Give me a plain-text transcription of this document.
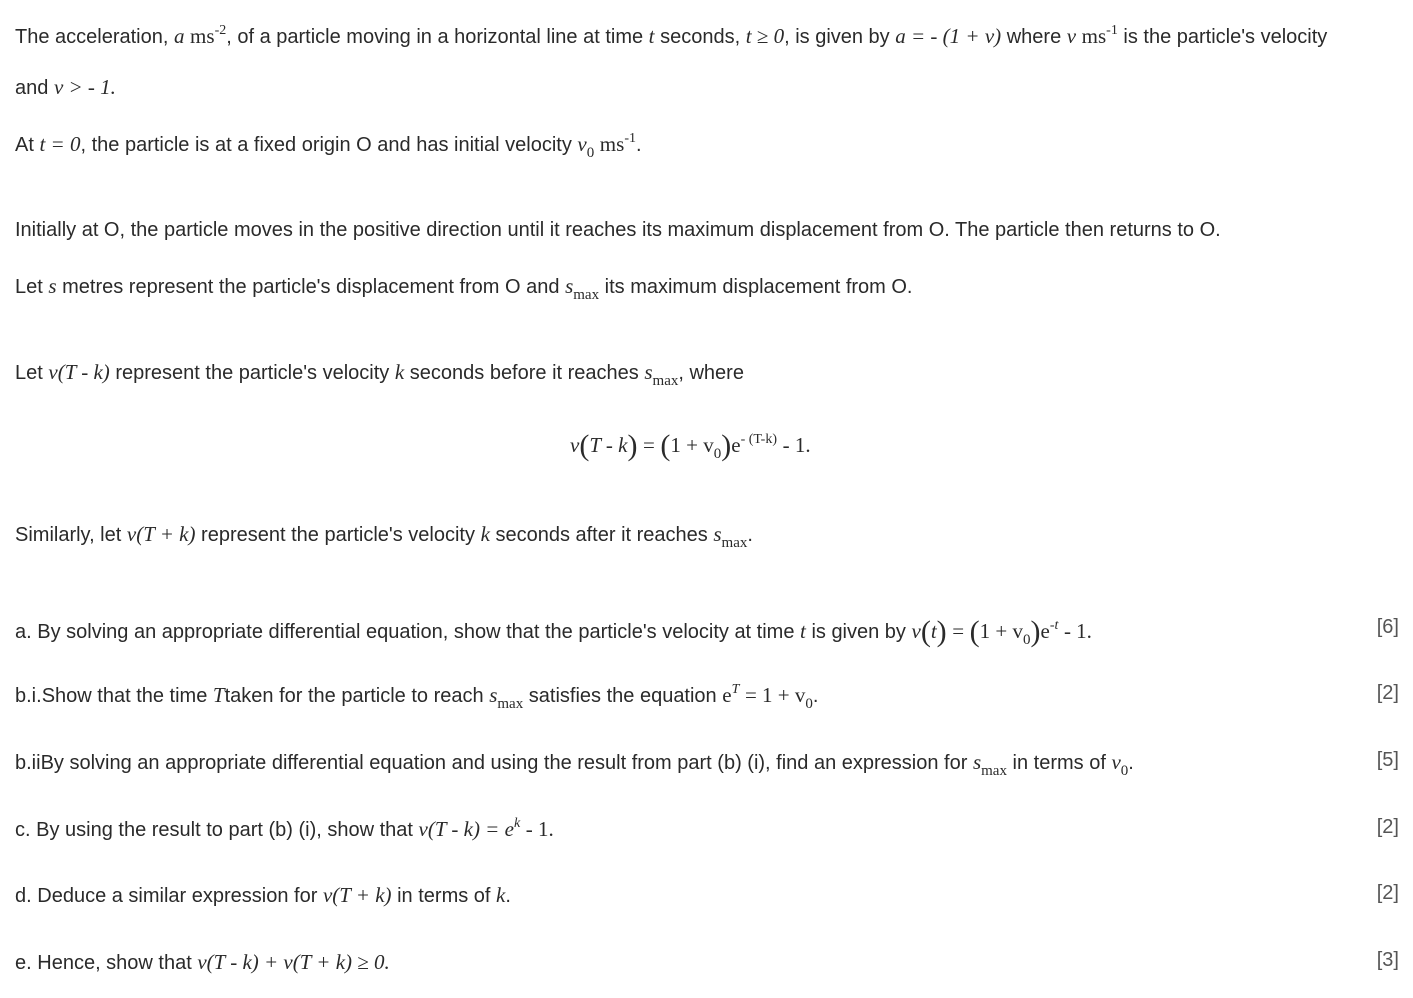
The acceleration, a $ms^{-2}$, of a particle moving in a horizontal line at time t seconds, t ≥ 0, is given by a = - (1 + v) where v $ms^{-1}$ is the particle's velocity
and v > - 1.
At t = 0, the particle is at a fixed origin O and has initial velocity $v_0$ $ms^{-1}$.
Initially at O, the particle moves in the positive direction until it reaches its maximum displacement from O. The particle then returns to O.
Let s metres represent the particle's displacement from O and $s_{max}$ its maximum displacement from O.
Let v(T - k) represent the particle's velocity k seconds before it reaches $s_{max}$, where
$v(T - k) = (1 + v_0)e^{- (T-k)} - 1$.
Similarly, let v(T + k) represent the particle's velocity k seconds after it reaches $s_{max}$.
a. By solving an appropriate differential equation, show that the particle's velocity at time t is given by $v(t) = (1 + v_0)e^{-t} - 1$.	[6]
b.i.Show that the time Ttaken for the particle to reach $s_{max}$ satisfies the equation $e^T = 1 + v_0$.	[2]
b.iiBy solving an appropriate differential equation and using the result from part (b) (i), find an expression for $s_{max}$ in terms of $v_0$.	[5]
c. By using the result to part (b) (i), show that $v(T - k) = e^k - 1$.	[2]
d. Deduce a similar expression for v(T + k) in terms of k.	[2]
e. Hence, show that v(T - k) + v(T + k) ≥ 0.	[3]
